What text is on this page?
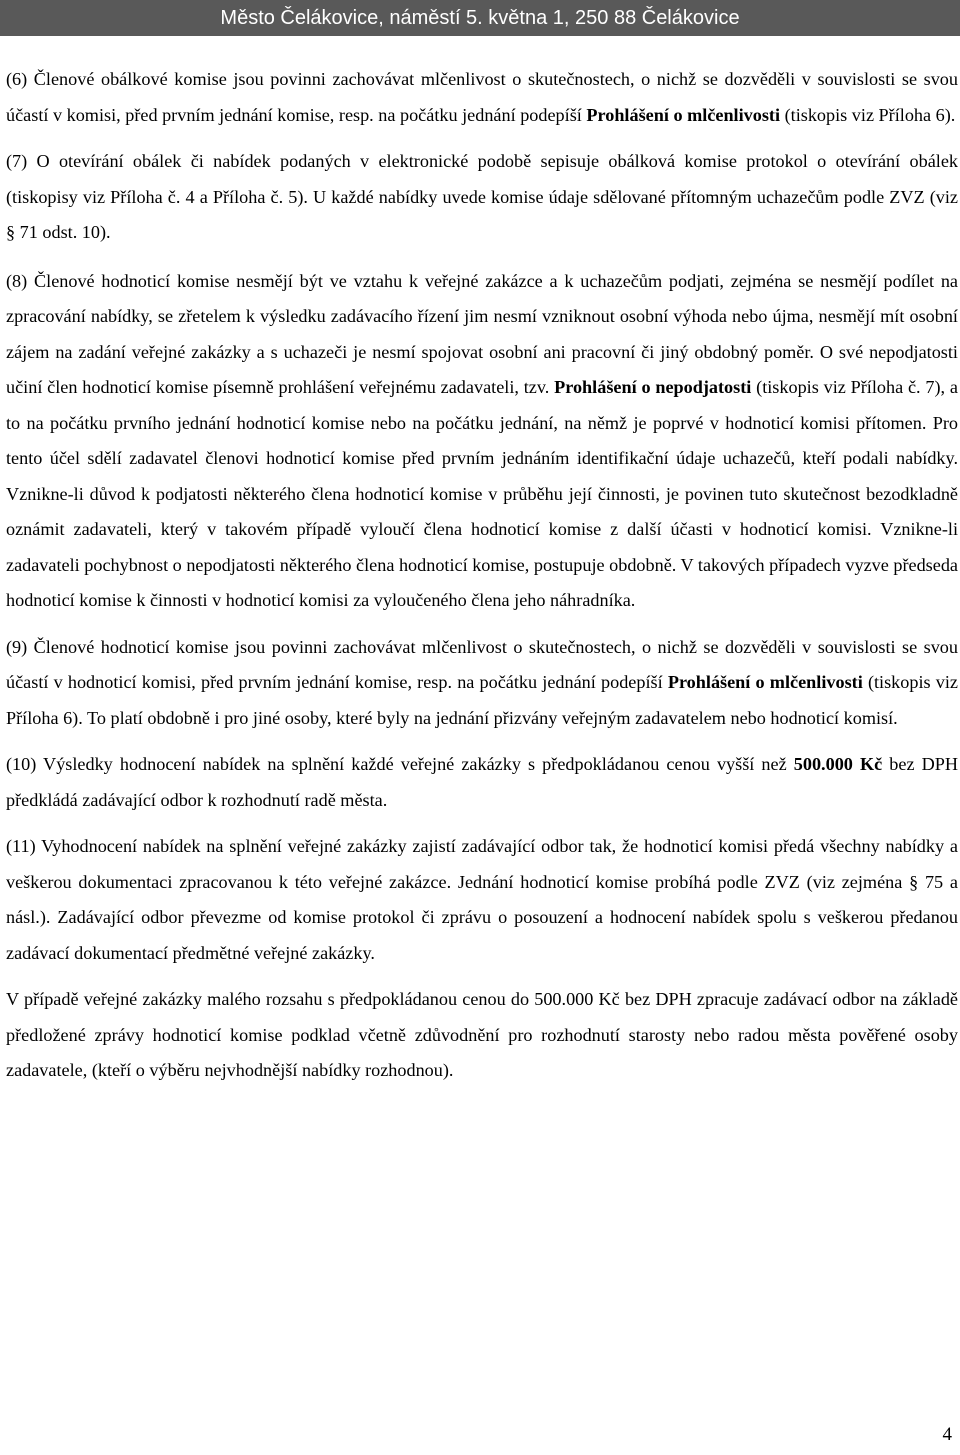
Město Čelákovice, náměstí 5. května 1, 250 88 Čelákovice

(6) Členové obálkové komise jsou povinni zachovávat mlčenlivost o skutečnostech, o nichž se dozvěděli v souvislosti se svou účastí v komisi, před prvním jednání komise, resp. na počátku jednání podepíší Prohlášení o mlčenlivosti (tiskopis viz Příloha 6).

(7) O otevírání obálek či nabídek podaných v elektronické podobě sepisuje obálková komise protokol o otevírání obálek (tiskopisy viz Příloha č. 4 a Příloha č. 5). U každé nabídky uvede komise údaje sdělované přítomným uchazečům podle ZVZ (viz § 71 odst. 10).

(8) Členové hodnoticí komise nesmějí být ve vztahu k veřejné zakázce a k uchazečům podjati, zejména se nesmějí podílet na zpracování nabídky, se zřetelem k výsledku zadávacího řízení jim nesmí vzniknout osobní výhoda nebo újma, nesmějí mít osobní zájem na zadání veřejné zakázky a s uchazeči je nesmí spojovat osobní ani pracovní či jiný obdobný poměr. O své nepodjatosti učiní člen hodnoticí komise písemně prohlášení veřejnému zadavateli, tzv. Prohlášení o nepodjatosti (tiskopis viz Příloha č. 7), a to na počátku prvního jednání hodnoticí komise nebo na počátku jednání, na němž je poprvé v hodnoticí komisi přítomen. Pro tento účel sdělí zadavatel členovi hodnoticí komise před prvním jednáním identifikační údaje uchazečů, kteří podali nabídky. Vznikne-li důvod k podjatosti některého člena hodnoticí komise v průběhu její činnosti, je povinen tuto skutečnost bezodkladně oznámit zadavateli, který v takovém případě vyloučí člena hodnoticí komise z další účasti v hodnoticí komisi. Vznikne-li zadavateli pochybnost o nepodjatosti některého člena hodnoticí komise, postupuje obdobně. V takových případech vyzve předseda hodnoticí komise k činnosti v hodnoticí komisi za vyloučeného člena jeho náhradníka.

(9) Členové hodnoticí komise jsou povinni zachovávat mlčenlivost o skutečnostech, o nichž se dozvěděli v souvislosti se svou účastí v hodnoticí komisi, před prvním jednání komise, resp. na počátku jednání podepíší Prohlášení o mlčenlivosti (tiskopis viz Příloha 6). To platí obdobně i pro jiné osoby, které byly na jednání přizvány veřejným zadavatelem nebo hodnoticí komisí.

(10) Výsledky hodnocení nabídek na splnění každé veřejné zakázky s předpokládanou cenou vyšší než 500.000 Kč bez DPH předkládá zadávající odbor k rozhodnutí radě města.

(11) Vyhodnocení nabídek na splnění veřejné zakázky zajistí zadávající odbor tak, že hodnoticí komisi předá všechny nabídky a veškerou dokumentaci zpracovanou k této veřejné zakázce. Jednání hodnoticí komise probíhá podle ZVZ (viz zejména § 75 a násl.). Zadávající odbor převezme od komise protokol či zprávu o posouzení a hodnocení nabídek spolu s veškerou předanou zadávací dokumentací předmětné veřejné zakázky.

V případě veřejné zakázky malého rozsahu s předpokládanou cenou do 500.000 Kč bez DPH zpracuje zadávací odbor na základě předložené zprávy hodnoticí komise podklad včetně zdůvodnění pro rozhodnutí starosty nebo radou města pověřené osoby zadavatele, (kteří o výběru nejvhodnější nabídky rozhodnou).

4
